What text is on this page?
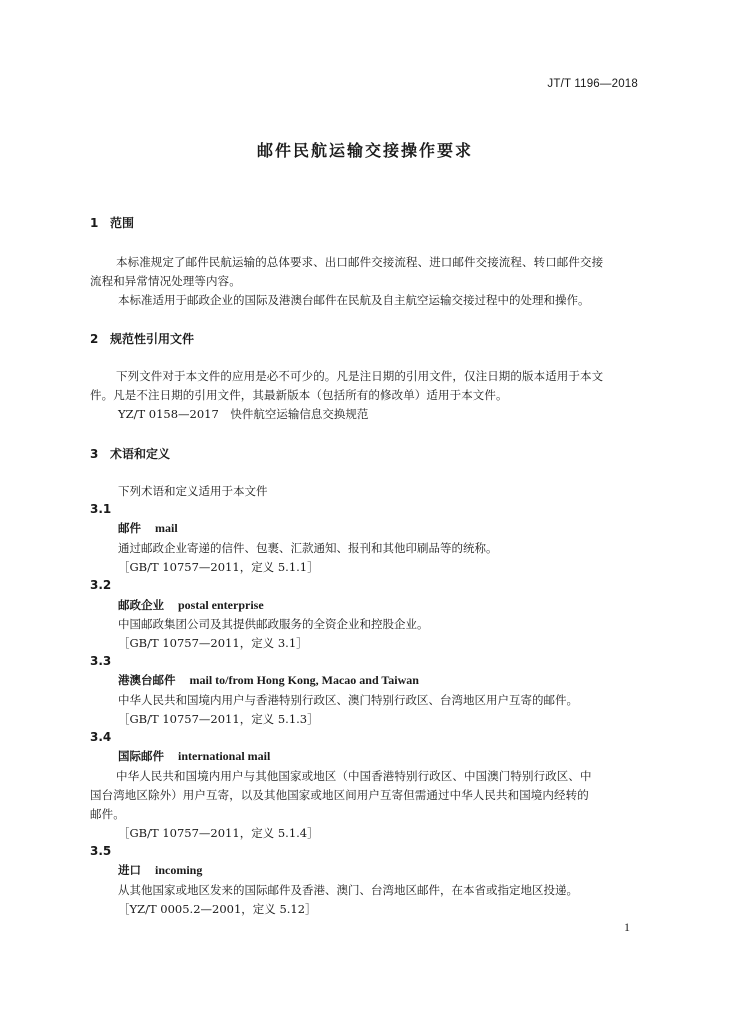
JT/T 1196—2018
邮件民航运输交接操作要求
1 范围
本标准规定了邮件民航运输的总体要求、出口邮件交接流程、进口邮件交接流程、转口邮件交接
流程和异常情况处理等内容。
本标准适用于邮政企业的国际及港澳台邮件在民航及自主航空运输交接过程中的处理和操作。
2 规范性引用文件
下列文件对于本文件的应用是必不可少的。凡是注日期的引用文件，仅注日期的版本适用于本文
件。凡是不注日期的引用文件，其最新版本（包括所有的修改单）适用于本文件。
YZ/T 0158—2017　快件航空运输信息交换规范
3 术语和定义
下列术语和定义适用于本文件
3.1
邮件 mail
通过邮政企业寄递的信件、包裹、汇款通知、报刊和其他印刷品等的统称。
［GB/T 10757—2011，定义 5.1.1］
3.2
邮政企业 postal enterprise
中国邮政集团公司及其提供邮政服务的全资企业和控股企业。
［GB/T 10757—2011，定义 3.1］
3.3
港澳台邮件 mail to/from Hong Kong, Macao and Taiwan
中华人民共和国境内用户与香港特别行政区、澳门特别行政区、台湾地区用户互寄的邮件。
［GB/T 10757—2011，定义 5.1.3］
3.4
国际邮件 international mail
中华人民共和国境内用户与其他国家或地区（中国香港特别行政区、中国澳门特别行政区、中
国台湾地区除外）用户互寄，以及其他国家或地区间用户互寄但需通过中华人民共和国境内经转的
邮件。
［GB/T 10757—2011，定义 5.1.4］
3.5
进口 incoming
从其他国家或地区发来的国际邮件及香港、澳门、台湾地区邮件，在本省或指定地区投递。
［YZ/T 0005.2—2001，定义 5.12］
1
